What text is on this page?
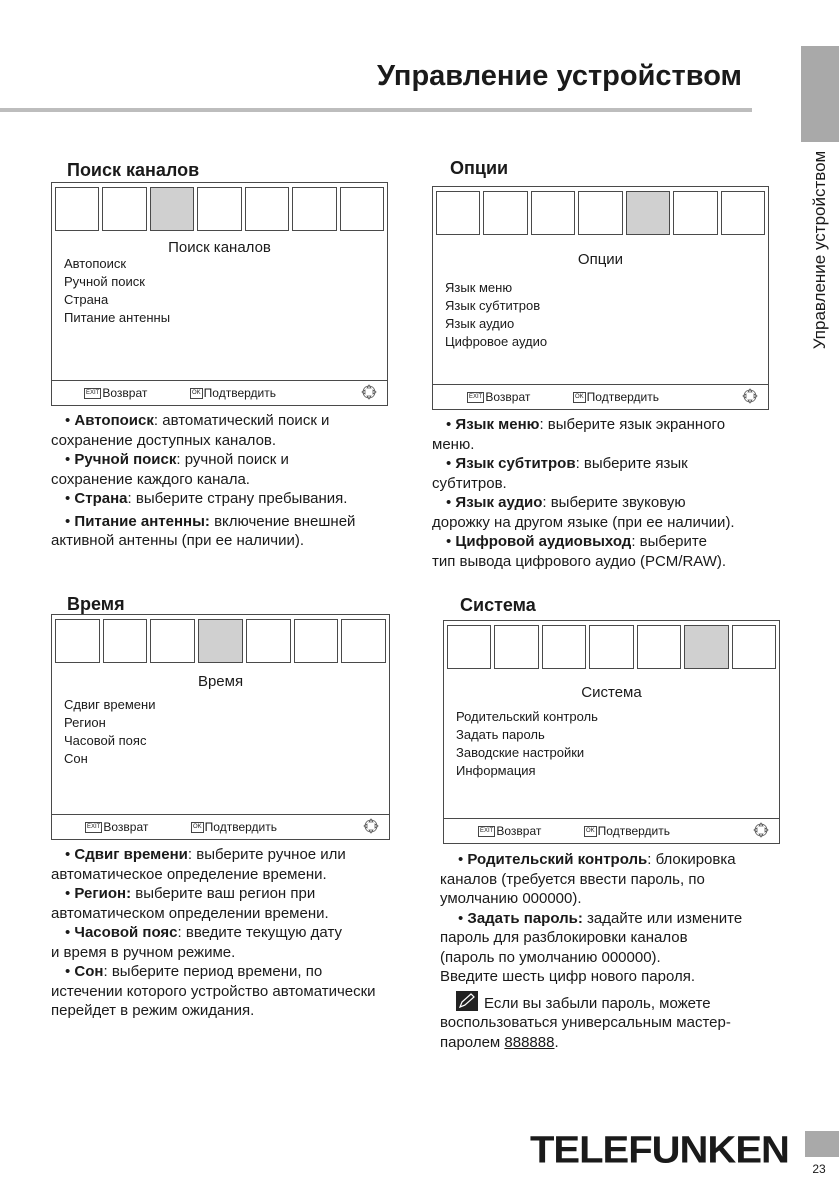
Управление устройством
Управление устройством
Поиск каналов
Поиск каналов
Автопоиск
Ручной поиск
Страна
Питание антенны
EXIT Возврат	OK Подтвердить

• Автопоиск: автоматический поиск и

сохранение доступных каналов.

• Ручной поиск: ручной поиск и

сохранение каждого канала.

• Страна: выберите страну пребывания.

• Питание антенны: включение внешней

активной антенны (при ее наличии).

Опции
Опции
Язык меню
Язык субтитров
Язык аудио
Цифровое аудио
EXIT Возврат	OK Подтвердить

• Язык меню: выберите язык экранного

меню.

• Язык субтитров: выберите язык

субтитров.

• Язык аудио: выберите звуковую

дорожку на другом языке (при ее наличии).

• Цифровой аудиовыход: выберите

тип вывода цифрового аудио (PCM/RAW).

Время
Время
Сдвиг времени
Регион
Часовой пояс
Сон
EXIT Возврат	OK Подтвердить

• Сдвиг времени: выберите ручное или

автоматическое определение времени.

• Регион: выберите ваш регион при

автоматическом определении времени.

• Часовой пояс: введите текущую дату

и время в ручном режиме.

• Сон: выберите период времени, по

истечении которого устройство автоматически

перейдет в режим ожидания.

Система
Система
Родительский контроль
Задать пароль
Заводские настройки
Информация
EXIT Возврат	OK Подтвердить

• Родительский контроль: блокировка

каналов (требуется ввести пароль, по

умолчанию 000000).

• Задать пароль: задайте или измените

пароль для разблокировки каналов

(пароль по умолчанию 000000).

Введите шесть цифр нового пароля.

Если вы забыли пароль, можете

воспользоваться универсальным мастер-

паролем 888888.

TELEFUNKEN	23
